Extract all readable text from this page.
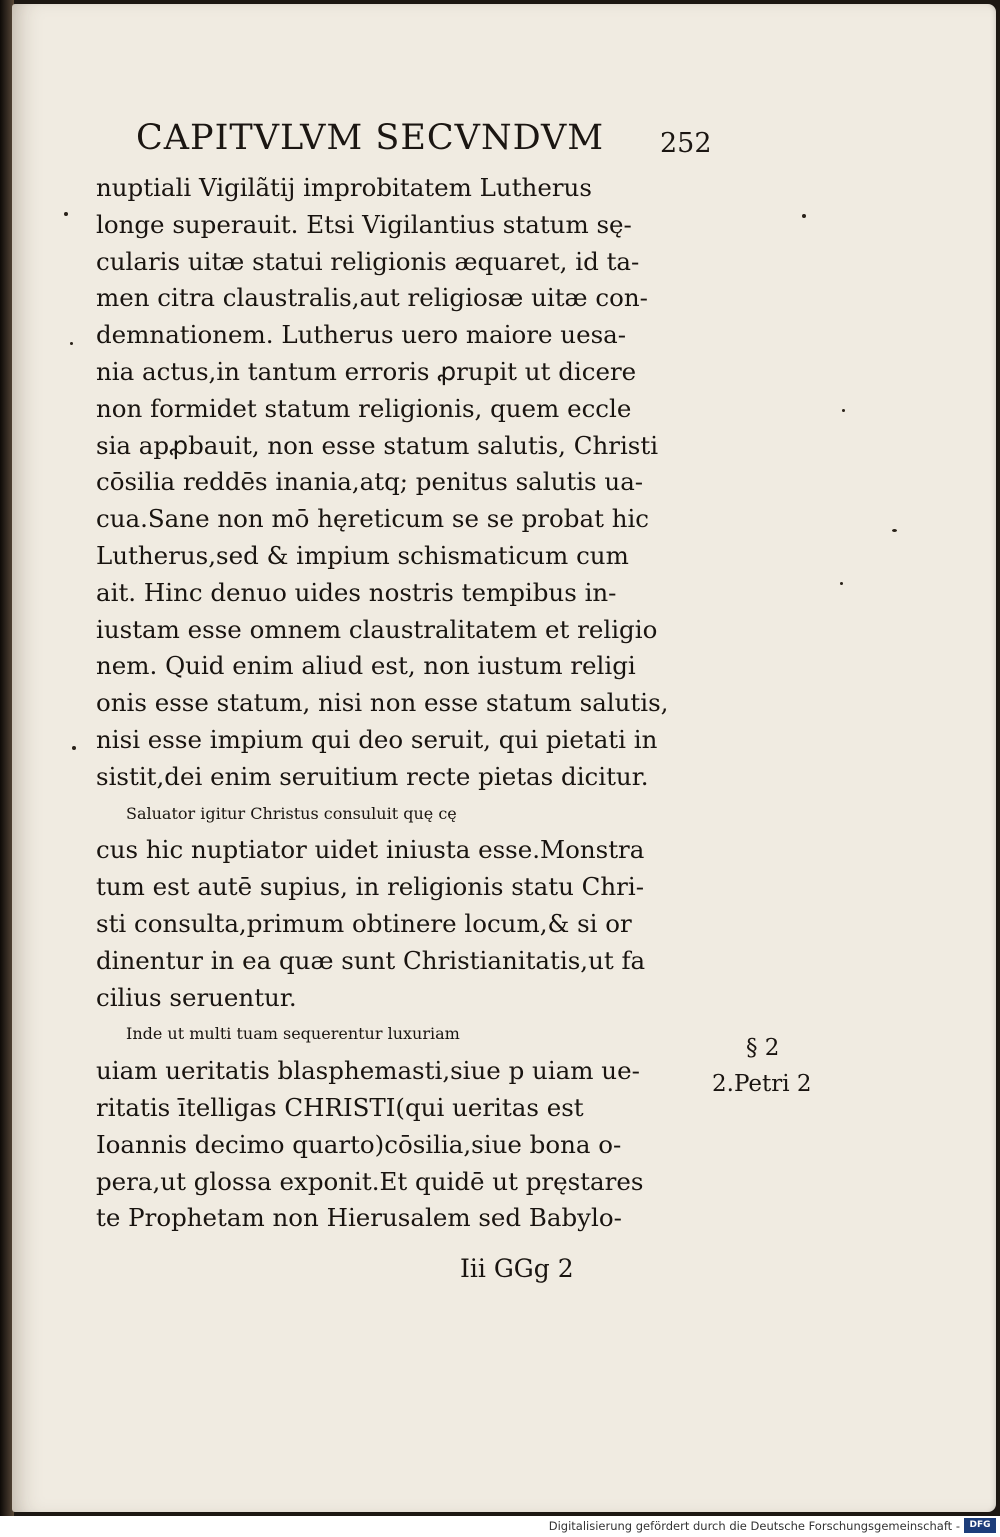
CAPITVLVM SECVNDVM	252
nuptiali Vigilãtij improbitatem Lutherus
longe superauit. Etsi Vigilantius statum sę-
cularis uitæ statui religionis æquaret, id ta-
men citra claustralis,aut religiosæ uitæ con-
demnationem. Lutherus uero maiore uesa-
nia actus,in tantum erroris ꝓrupit ut dicere
non formidet statum religionis, quem eccle
sia apꝓbauit, non esse statum salutis, Christi
cōsilia reddēs inania,atq; penitus salutis ua-
cua.Sane non mō hęreticum se se probat hic
Lutherus,sed & impium schismaticum cum
ait. Hinc denuo uides nostris tempibus in-
iustam esse omnem claustralitatem et religio
nem. Quid enim aliud est, non iustum religi
onis esse statum, nisi non esse statum salutis,
nisi esse impium qui deo seruit, qui pietati in
sistit,dei enim seruitium recte pietas dicitur.
Saluator igitur Christus consuluit quę cę
cus hic nuptiator uidet iniusta esse.Monstra
tum est autē supius, in religionis statu Chri-
sti consulta,primum obtinere locum,& si or
dinentur in ea quæ sunt Christianitatis,ut fa
cilius seruentur.
Inde ut multi tuam sequerentur luxuriam
uiam ueritatis blasphemasti,siue p uiam ue-
ritatis ītelligas CHRISTI(qui ueritas est
Ioannis decimo quarto)cōsilia,siue bona o-
pera,ut glossa exponit.Et quidē ut pręstares
te Prophetam non Hierusalem sed Babylo-
§ 2
2.Petri 2
Iii GGg 2
Digitalisierung gefördert durch die Deutsche Forschungsgemeinschaft -	DFG
